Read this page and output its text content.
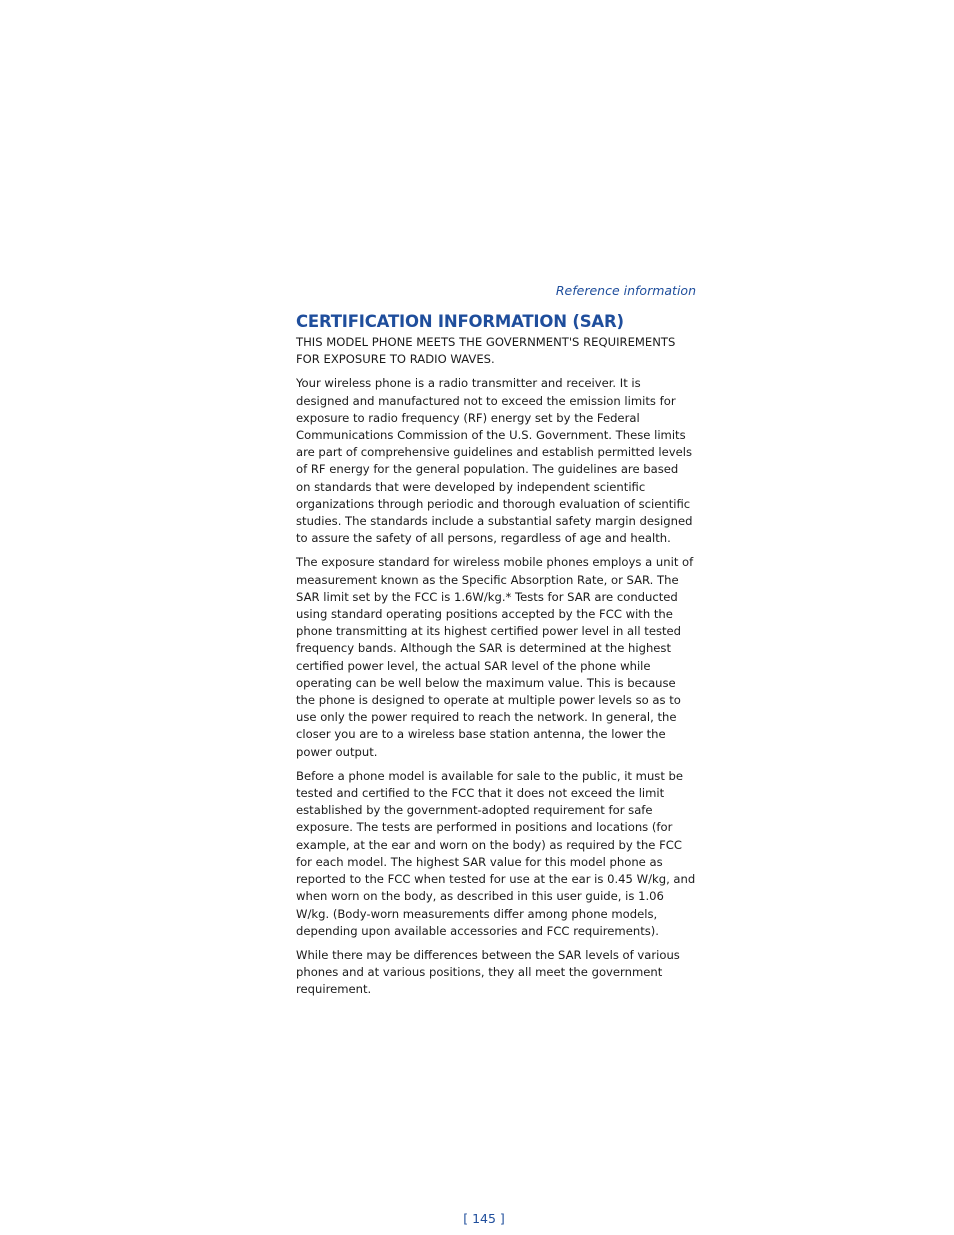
Reference information

CERTIFICATION INFORMATION (SAR)

THIS MODEL PHONE MEETS THE GOVERNMENT'S REQUIREMENTS FOR EXPOSURE TO RADIO WAVES.

Your wireless phone is a radio transmitter and receiver. It is designed and manufactured not to exceed the emission limits for exposure to radio frequency (RF) energy set by the Federal Communications Commission of the U.S. Government. These limits are part of comprehensive guidelines and establish permitted levels of RF energy for the general population. The guidelines are based on standards that were developed by independent scientific organizations through periodic and thorough evaluation of scientific studies. The standards include a substantial safety margin designed to assure the safety of all persons, regardless of age and health.

The exposure standard for wireless mobile phones employs a unit of measurement known as the Specific Absorption Rate, or SAR. The SAR limit set by the FCC is 1.6W/kg.* Tests for SAR are conducted using standard operating positions accepted by the FCC with the phone transmitting at its highest certified power level in all tested frequency bands. Although the SAR is determined at the highest certified power level, the actual SAR level of the phone while operating can be well below the maximum value. This is because the phone is designed to operate at multiple power levels so as to use only the power required to reach the network. In general, the closer you are to a wireless base station antenna, the lower the power output.

Before a phone model is available for sale to the public, it must be tested and certified to the FCC that it does not exceed the limit established by the government-adopted requirement for safe exposure. The tests are performed in positions and locations (for example, at the ear and worn on the body) as required by the FCC for each model. The highest SAR value for this model phone as reported to the FCC when tested for use at the ear is 0.45 W/kg, and when worn on the body, as described in this user guide, is 1.06 W/kg. (Body-worn measurements differ among phone models, depending upon available accessories and FCC requirements).

While there may be differences between the SAR levels of various phones and at various positions, they all meet the government requirement.

[ 145 ]
